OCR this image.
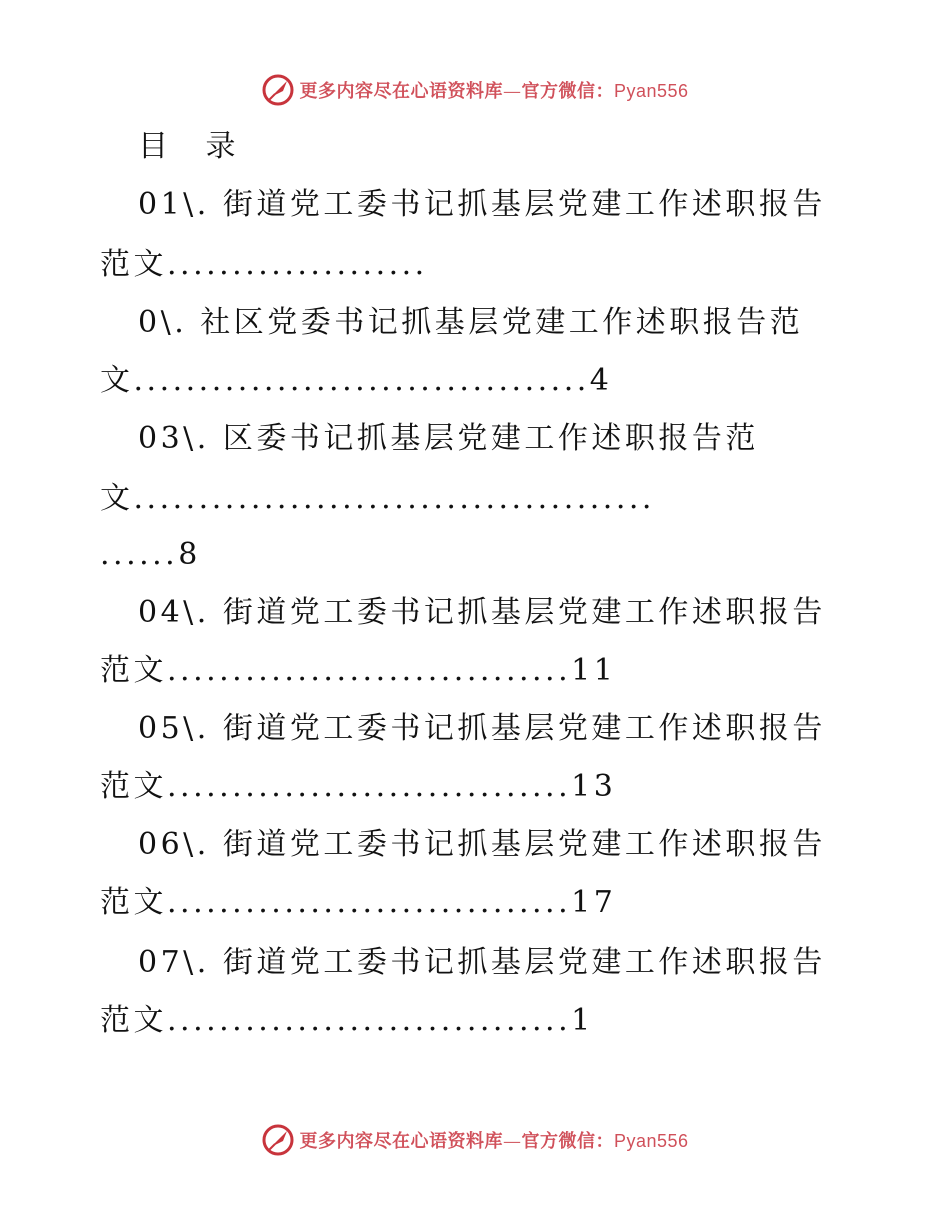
更多内容尽在心语资料库—官方微信：Pyan556
目 录
01\. 街道党工委书记抓基层党建工作述职报告
范文....................
0\. 社区党委书记抓基层党建工作述职报告范
文...................................4
03\. 区委书记抓基层党建工作述职报告范
文........................................
......8
04\. 街道党工委书记抓基层党建工作述职报告
范文...............................11
05\. 街道党工委书记抓基层党建工作述职报告
范文...............................13
06\. 街道党工委书记抓基层党建工作述职报告
范文...............................17
07\. 街道党工委书记抓基层党建工作述职报告
范文...............................1
更多内容尽在心语资料库—官方微信：Pyan556
